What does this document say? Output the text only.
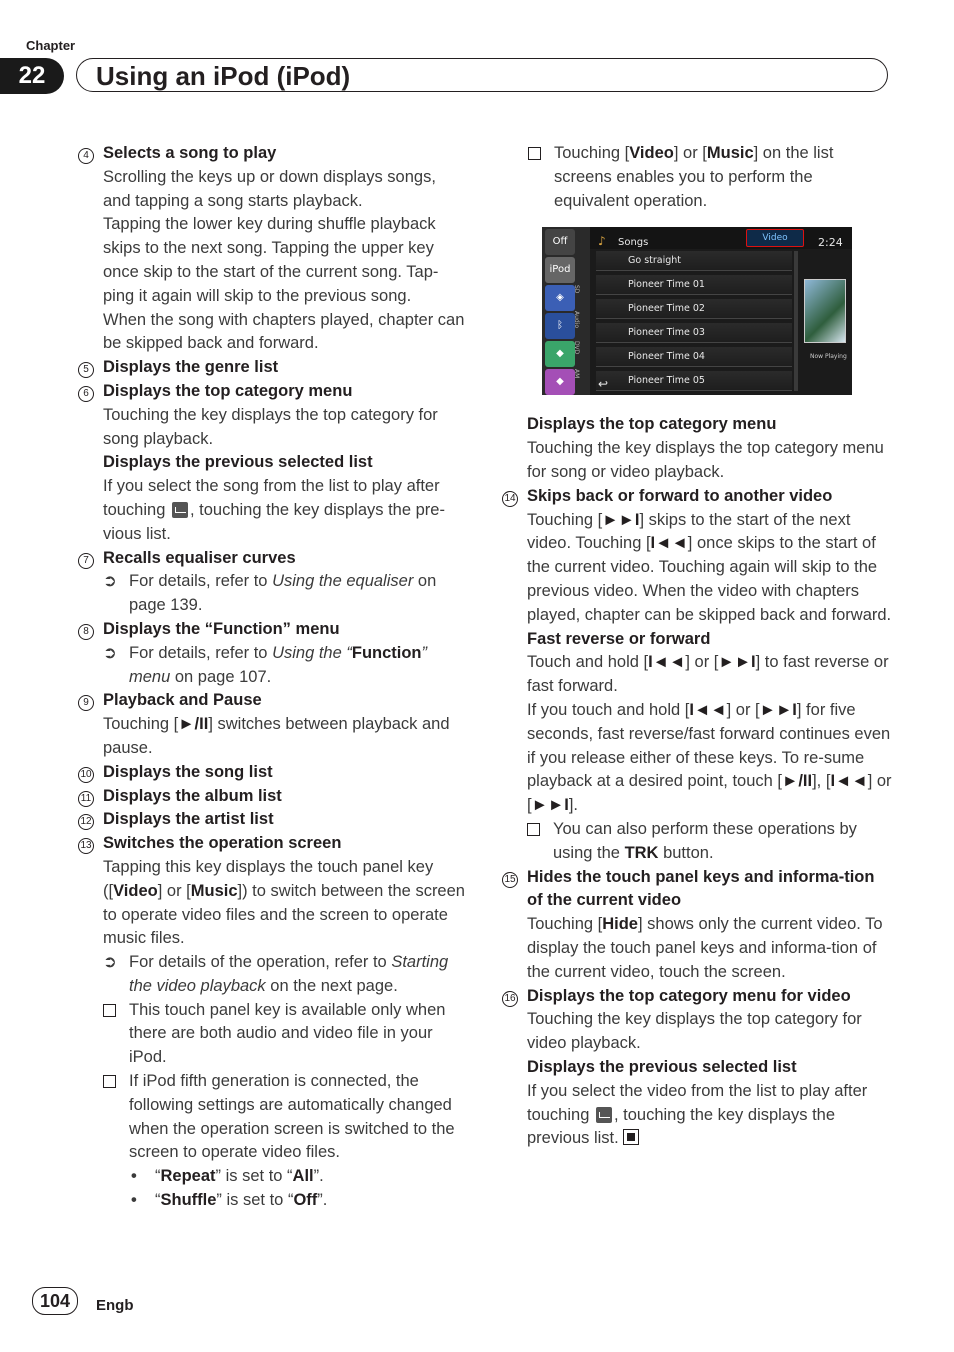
Chapter
22	Using an iPod (iPod)
4 Selects a song to play
Scrolling the keys up or down displays songs, and tapping a song starts playback.
Tapping the lower key during shuffle playback skips to the next song. Tapping the upper key once skip to the start of the current song. Tap-ping it again will skip to the previous song.
When the song with chapters played, chapter can be skipped back and forward.
5 Displays the genre list
6 Displays the top category menu
Touching the key displays the top category for song playback.
Displays the previous selected list
If you select the song from the list to play after touching , touching the key displays the pre-vious list.
7 Recalls equaliser curves
➲ For details, refer to Using the equaliser on page 139.
8 Displays the “Function” menu
➲ For details, refer to Using the “Function” menu on page 107.
9 Playback and Pause
Touching [►/II] switches between playback and pause.
10 Displays the song list
11 Displays the album list
12 Displays the artist list
13 Switches the operation screen
Tapping this key displays the touch panel key ([Video] or [Music]) to switch between the screen to operate video files and the screen to operate music files.
➲ For details of the operation, refer to Starting the video playback on the next page.
This touch panel key is available only when there are both audio and video file in your iPod.
If iPod fifth generation is connected, the following settings are automatically changed when the operation screen is switched to the screen to operate video files.
• “Repeat” is set to “All”.
• “Shuffle” is set to “Off”.
Touching [Video] or [Music] on the list screens enables you to perform the equivalent operation.
Off
iPod
◈
ᛒ
◆
◆
SD
Audio
DVD
AM
♪ Songs	Video	2:24
Go straight
Pioneer Time 01
Pioneer Time 02
Pioneer Time 03
Pioneer Time 04
Pioneer Time 05
↩
Now Playing
Displays the top category menu
Touching the key displays the top category menu for song or video playback.
14 Skips back or forward to another video
Touching [►►I] skips to the start of the next video. Touching [I◄◄] once skips to the start of the current video. Touching again will skip to the previous video. When the video with chapters played, chapter can be skipped back and forward.
Fast reverse or forward
Touch and hold [I◄◄] or [►►I] to fast reverse or fast forward.
If you touch and hold [I◄◄] or [►►I] for five seconds, fast reverse/fast forward continues even if you release either of these keys. To re-sume playback at a desired point, touch [►/II], [I◄◄] or [►►I].
You can also perform these operations by using the TRK button.
15 Hides the touch panel keys and informa-tion of the current video
Touching [Hide] shows only the current video. To display the touch panel keys and informa-tion of the current video, touch the screen.
16 Displays the top category menu for video
Touching the key displays the top category for video playback.
Displays the previous selected list
If you select the video from the list to play after touching , touching the key displays the previous list.
104	Engb
